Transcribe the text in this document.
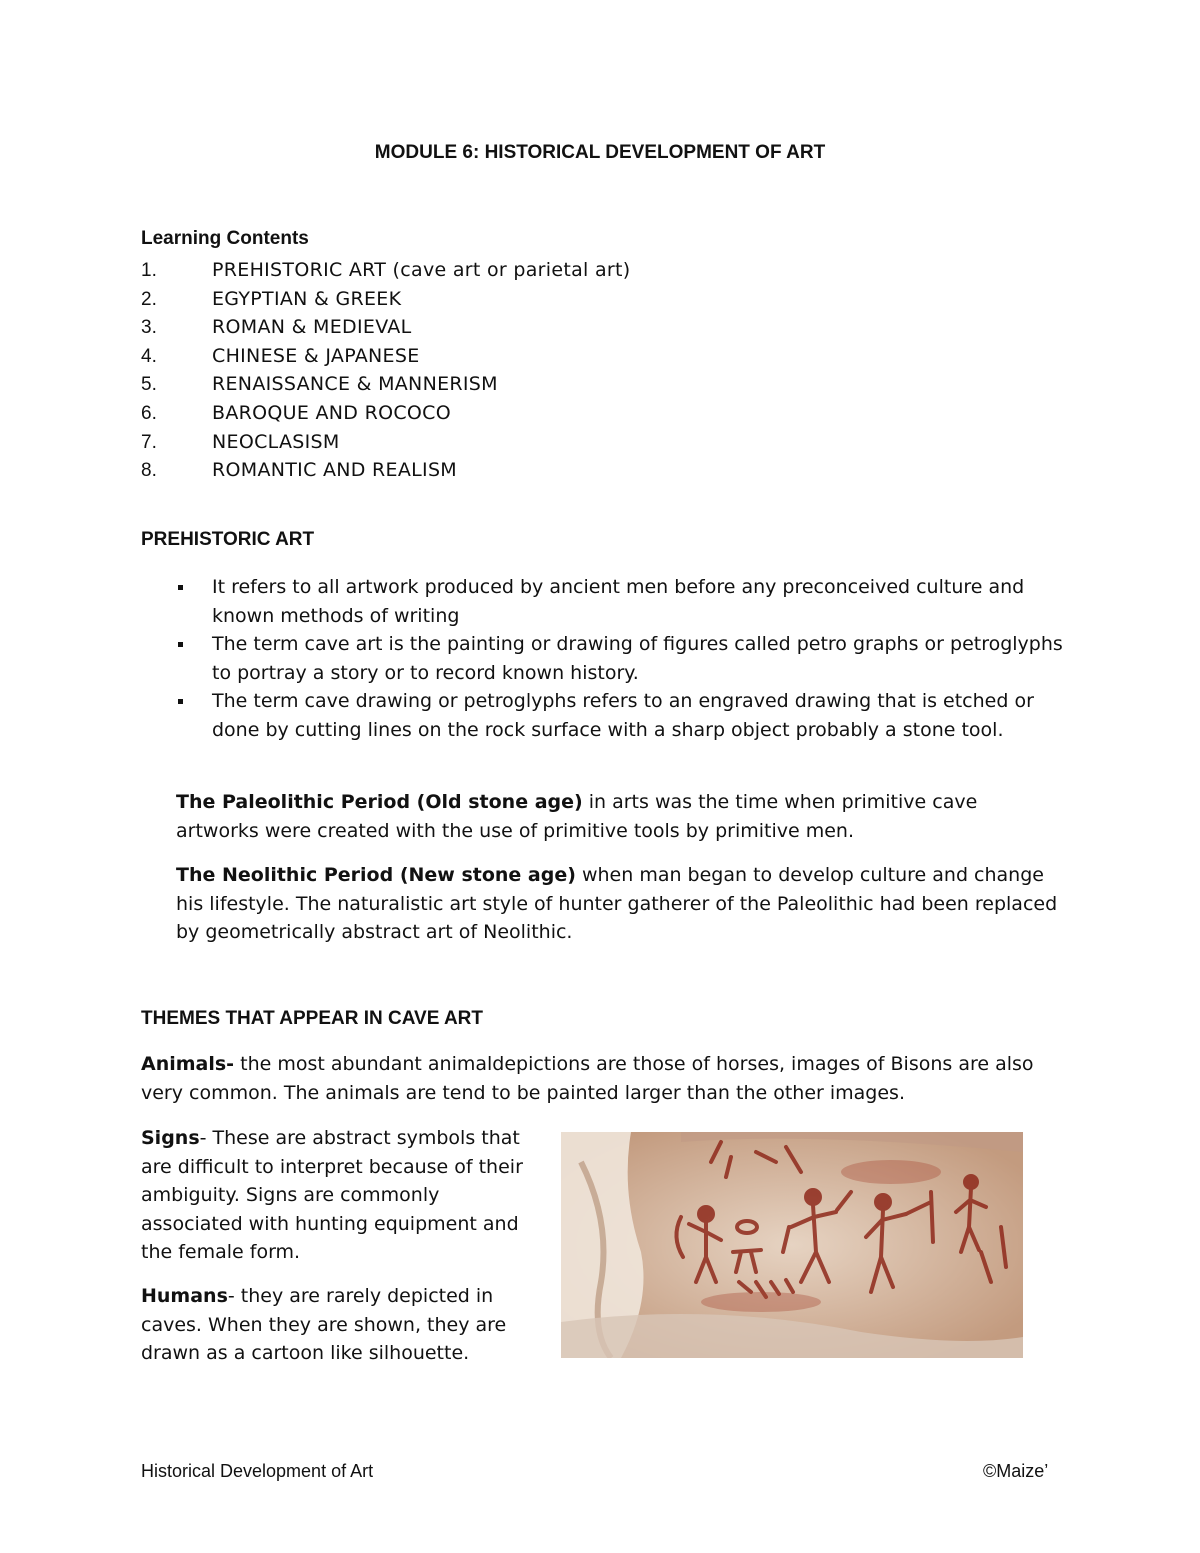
MODULE 6: HISTORICAL DEVELOPMENT OF ART
Learning Contents
1.	PREHISTORIC ART (cave art or parietal art)
2.	EGYPTIAN & GREEK
3.	ROMAN & MEDIEVAL
4.	CHINESE & JAPANESE
5.	RENAISSANCE & MANNERISM
6.	BAROQUE AND ROCOCO
7.	NEOCLASISM
8.	ROMANTIC AND REALISM
PREHISTORIC ART
It refers to all artwork produced by ancient men before any preconceived culture and known methods of writing
The term cave art is the painting or drawing of figures called petro graphs or petroglyphs to portray a story or to record known history.
The term cave drawing or petroglyphs refers to an engraved drawing that is etched or done by cutting lines on the rock surface with a sharp object probably a stone tool.

The Paleolithic Period (Old stone age) in arts was the time when primitive cave artworks were created with the use of primitive tools by primitive men.

The Neolithic Period (New stone age) when man began to develop culture and change his lifestyle. The naturalistic art style of hunter gatherer of the Paleolithic had been replaced by geometrically abstract art of Neolithic.

THEMES THAT APPEAR IN CAVE ART

Animals- the most abundant animaldepictions are those of horses, images of Bisons are also very common. The animals are tend to be painted larger than the other images.

Signs- These are abstract symbols that are difficult to interpret because of their ambiguity. Signs are commonly associated with hunting equipment and the female form.

Humans- they are rarely depicted in caves. When they are shown, they are drawn as a cartoon like silhouette.

Historical Development of Art	©Maize’
